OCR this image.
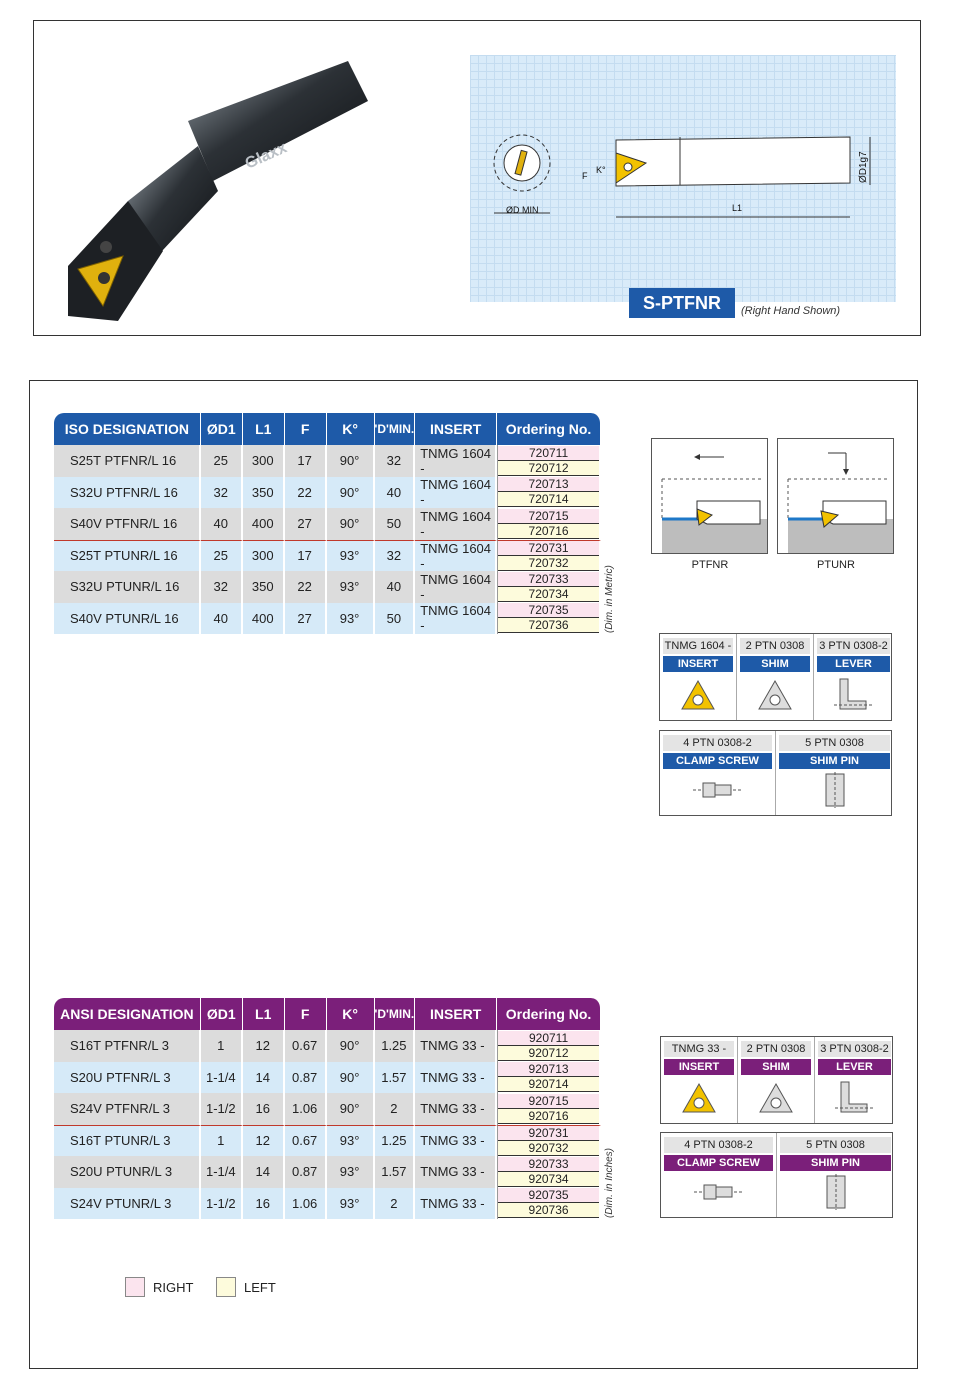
Glaxx
ØD MIN	L1
ØD1g7
F
K°
S-PTFNR	(Right Hand Shown)
ISO DESIGNATION	ØD1	L1	F	K°	'D'MIN.	INSERT	Ordering No.
S25T PTFNR/L 16	25	300	17	90°	32	TNMG 1604 -	720711
720712

S32U PTFNR/L 16	32	350	22	90°	40	TNMG 1604 -	720713
720714

S40V PTFNR/L 16	40	400	27	90°	50	TNMG 1604 -	720715
720716

S25T PTUNR/L 16	25	300	17	93°	32	TNMG 1604 -	720731
720732

S32U PTUNR/L 16	32	350	22	93°	40	TNMG 1604 -	720733
720734

S40V PTUNR/L 16	40	400	27	93°	50	TNMG 1604 -	720735
720736	(Dim. in Metric)
PTFNR	PTUNR
TNMG 1604 -
INSERT
2 PTN 0308
SHIM
3 PTN 0308-2
LEVER
4 PTN 0308-2
CLAMP SCREW
5 PTN 0308
SHIM PIN
ANSI DESIGNATION	ØD1	L1	F	K°	'D'MIN.	INSERT	Ordering No.
S16T PTFNR/L 3	1	12	0.67	90°	1.25	TNMG 33 -	920711
920712

S20U PTFNR/L 3	1-1/4	14	0.87	90°	1.57	TNMG 33 -	920713
920714

S24V PTFNR/L 3	1-1/2	16	1.06	90°	2	TNMG 33 -	920715
920716

S16T PTUNR/L 3	1	12	0.67	93°	1.25	TNMG 33 -	920731
920732

S20U PTUNR/L 3	1-1/4	14	0.87	93°	1.57	TNMG 33 -	920733
920734

S24V PTUNR/L 3	1-1/2	16	1.06	93°	2	TNMG 33 -	920735
920736	(Dim. in Inches)
TNMG 33 -
INSERT
2 PTN 0308
SHIM
3 PTN 0308-2
LEVER
4 PTN 0308-2
CLAMP SCREW
5 PTN 0308
SHIM PIN
RIGHT	LEFT
